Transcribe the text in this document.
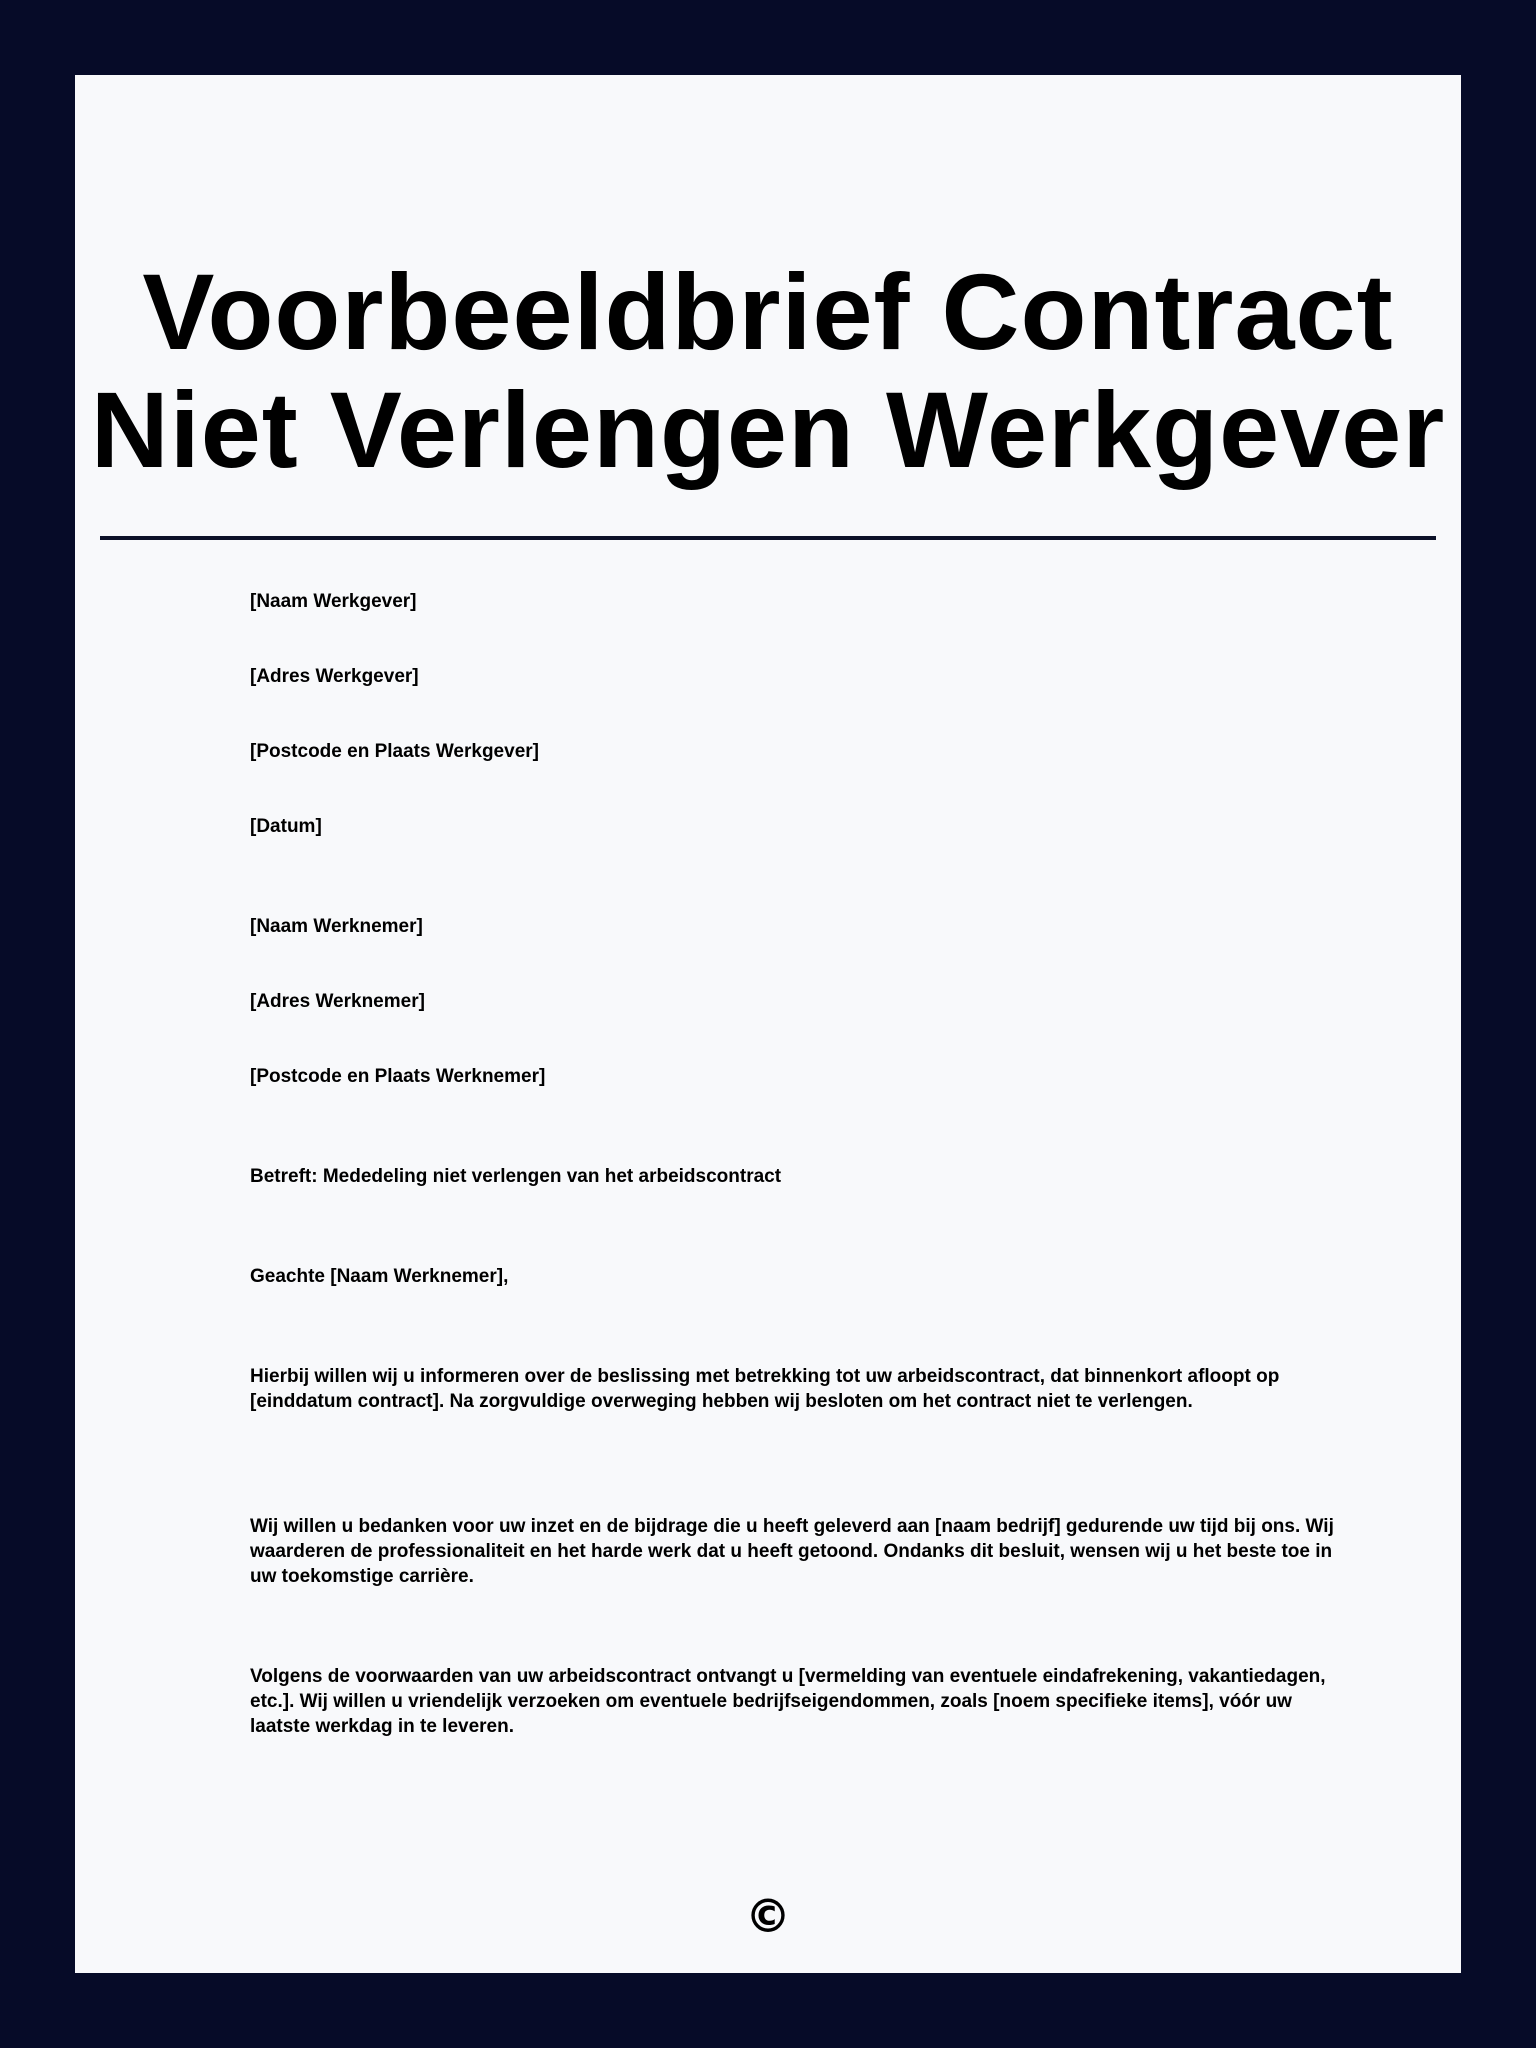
Voorbeeldbrief Contract Niet Verlengen Werkgever

[Naam Werkgever]

[Adres Werkgever]

[Postcode en Plaats Werkgever]

[Datum]

[Naam Werknemer]

[Adres Werknemer]

[Postcode en Plaats Werknemer]

Betreft: Mededeling niet verlengen van het arbeidscontract

Geachte [Naam Werknemer],

Hierbij willen wij u informeren over de beslissing met betrekking tot uw arbeidscontract, dat binnenkort afloopt op [einddatum contract]. Na zorgvuldige overweging hebben wij besloten om het contract niet te verlengen.

Wij willen u bedanken voor uw inzet en de bijdrage die u heeft geleverd aan [naam bedrijf] gedurende uw tijd bij ons. Wij waarderen de professionaliteit en het harde werk dat u heeft getoond. Ondanks dit besluit, wensen wij u het beste toe in uw toekomstige carrière.

Volgens de voorwaarden van uw arbeidscontract ontvangt u [vermelding van eventuele eindafrekening, vakantiedagen, etc.]. Wij willen u vriendelijk verzoeken om eventuele bedrijfseigendommen, zoals [noem specifieke items], vóór uw laatste werkdag in te leveren.

©
